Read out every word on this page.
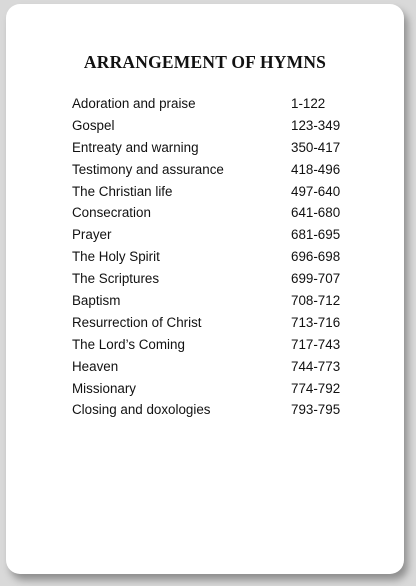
ARRANGEMENT OF HYMNS
Adoration and praise	1-122
Gospel	123-349
Entreaty and warning	350-417
Testimony and assurance	418-496
The Christian life	497-640
Consecration	641-680
Prayer	681-695
The Holy Spirit	696-698
The Scriptures	699-707
Baptism	708-712
Resurrection of Christ	713-716
The Lord’s Coming	717-743
Heaven	744-773
Missionary	774-792
Closing and doxologies	793-795
